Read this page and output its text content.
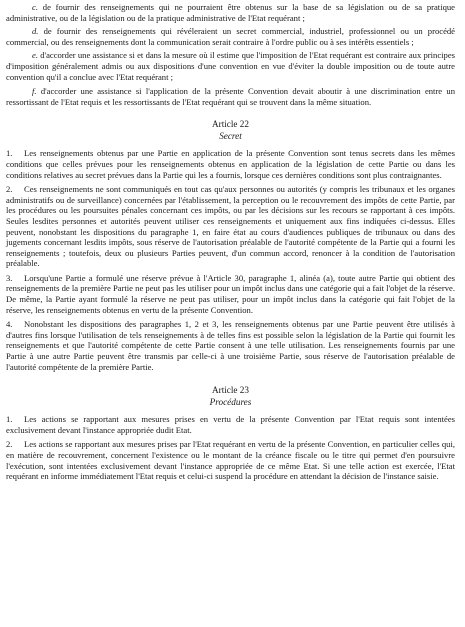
c. de fournir des renseignements qui ne pourraient être obtenus sur la base de sa législation ou de sa pratique administrative, ou de la législation ou de la pratique administrative de l'Etat requérant ;

d. de fournir des renseignements qui révéleraient un secret commercial, industriel, professionnel ou un procédé commercial, ou des renseignements dont la communication serait contraire à l'ordre public ou à ses intérêts essentiels ;

e. d'accorder une assistance si et dans la mesure où il estime que l'imposition de l'Etat requérant est contraire aux principes d'imposition généralement admis ou aux dispositions d'une convention en vue d'éviter la double imposition ou de toute autre convention qu'il a conclue avec l'Etat requérant ;

f. d'accorder une assistance si l'application de la présente Convention devait aboutir à une discrimination entre un ressortissant de l'Etat requis et les ressortissants de l'Etat requérant qui se trouvent dans la même situation.

Article 22
Secret

1. Les renseignements obtenus par une Partie en application de la présente Convention sont tenus secrets dans les mêmes conditions que celles prévues pour les renseignements obtenus en application de la législation de cette Partie ou dans les conditions relatives au secret prévues dans la Partie qui les a fournis, lorsque ces dernières conditions sont plus contraignantes.

2. Ces renseignements ne sont communiqués en tout cas qu'aux personnes ou autorités (y compris les tribunaux et les organes administratifs ou de surveillance) concernées par l'établissement, la perception ou le recouvrement des impôts de cette Partie, par les procédures ou les poursuites pénales concernant ces impôts, ou par les décisions sur les recours se rapportant à ces impôts. Seules lesdites personnes et autorités peuvent utiliser ces renseignements et uniquement aux fins indiquées ci-dessus. Elles peuvent, nonobstant les dispositions du paragraphe 1, en faire état au cours d'audiences publiques de tribunaux ou dans des jugements concernant lesdits impôts, sous réserve de l'autorisation préalable de l'autorité compétente de la Partie qui a fourni les renseignements ; toutefois, deux ou plusieurs Parties peuvent, d'un commun accord, renoncer à la condition de l'autorisation préalable.

3. Lorsqu'une Partie a formulé une réserve prévue à l'Article 30, paragraphe 1, alinéa (a), toute autre Partie qui obtient des renseignements de la première Partie ne peut pas les utiliser pour un impôt inclus dans une catégorie qui a fait l'objet de la réserve. De même, la Partie ayant formulé la réserve ne peut pas utiliser, pour un impôt inclus dans la catégorie qui fait l'objet de la réserve, les renseignements obtenus en vertu de la présente Convention.

4. Nonobstant les dispositions des paragraphes 1, 2 et 3, les renseignements obtenus par une Partie peuvent être utilisés à d'autres fins lorsque l'utilisation de tels renseignements à de telles fins est possible selon la législation de la Partie qui fournit les renseignements et que l'autorité compétente de cette Partie consent à une telle utilisation. Les renseignements fournis par une Partie à une autre Partie peuvent être transmis par celle-ci à une troisième Partie, sous réserve de l'autorisation préalable de l'autorité compétente de la première Partie.

Article 23
Procédures

1. Les actions se rapportant aux mesures prises en vertu de la présente Convention par l'Etat requis sont intentées exclusivement devant l'instance appropriée dudit Etat.

2. Les actions se rapportant aux mesures prises par l'Etat requérant en vertu de la présente Convention, en particulier celles qui, en matière de recouvrement, concernent l'existence ou le montant de la créance fiscale ou le titre qui permet d'en poursuivre l'exécution, sont intentées exclusivement devant l'instance appropriée de ce même Etat. Si une telle action est exercée, l'Etat requérant en informe immédiatement l'Etat requis et celui-ci suspend la procédure en attendant la décision de l'instance saisie.
